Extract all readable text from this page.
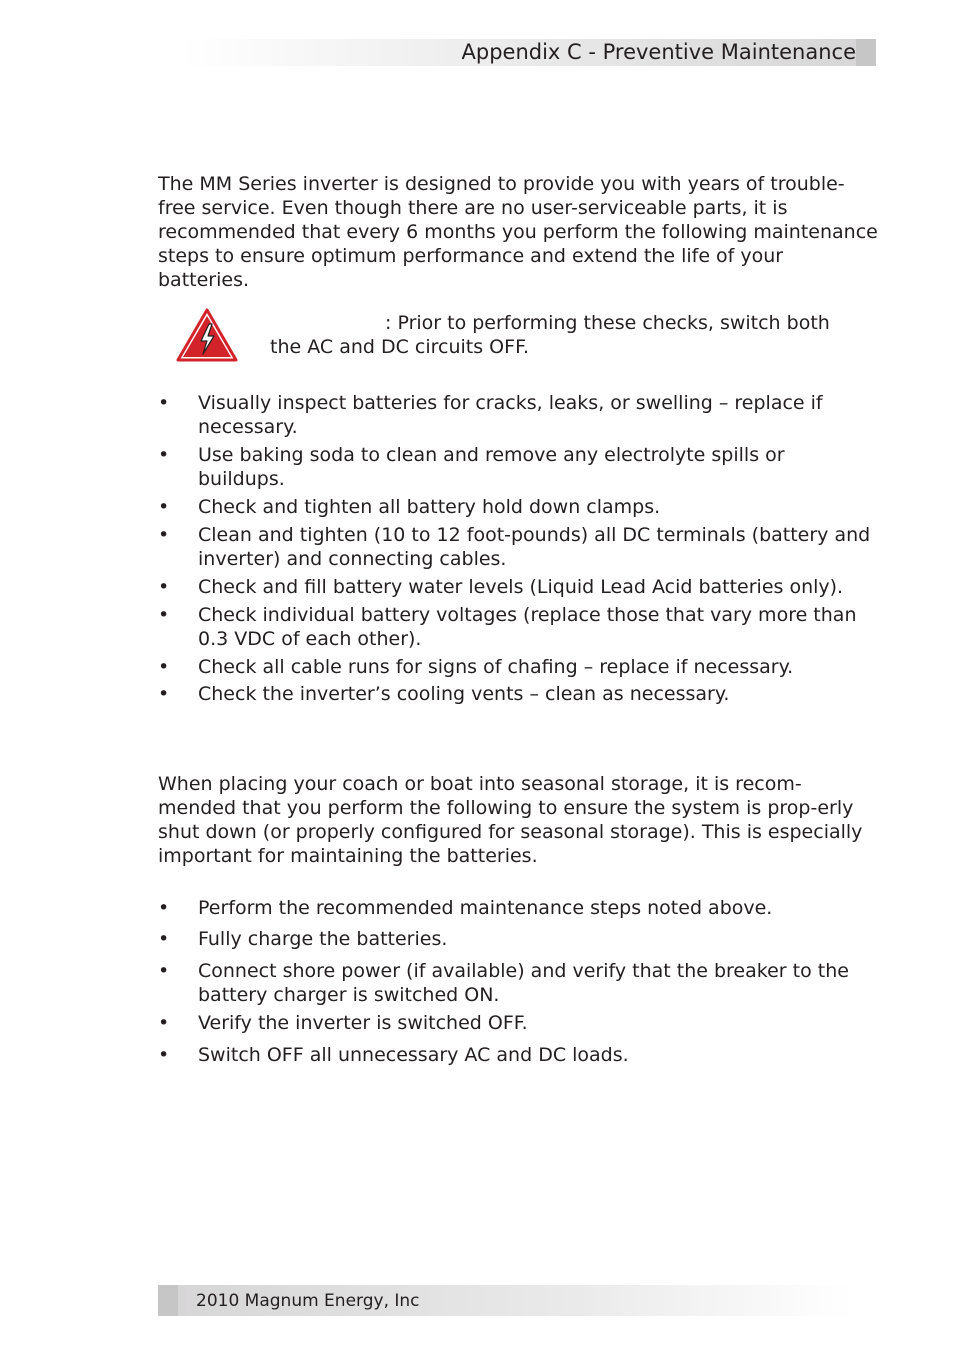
Appendix C - Preventive Maintenance

The MM Series inverter is designed to provide you with years of trouble-free service. Even though there are no user-serviceable parts, it is recommended that every 6 months you perform the following maintenance steps to ensure optimum performance and extend the life of your batteries.

: Prior to performing these checks, switch both
the AC and DC circuits OFF.
• Visually inspect batteries for cracks, leaks, or swelling – replace if necessary.
• Use baking soda to clean and remove any electrolyte spills or buildups.
• Check and tighten all battery hold down clamps.
• Clean and tighten (10 to 12 foot-pounds) all DC terminals (battery and inverter) and connecting cables.
• Check and fill battery water levels (Liquid Lead Acid batteries only).
• Check individual battery voltages (replace those that vary more than 0.3 VDC of each other).
• Check all cable runs for signs of chafing – replace if necessary.
• Check the inverter’s cooling vents – clean as necessary.

When placing your coach or boat into seasonal storage, it is recom-mended that you perform the following to ensure the system is prop-erly shut down (or properly configured for seasonal storage). This is especially important for maintaining the batteries.

• Perform the recommended maintenance steps noted above.
• Fully charge the batteries.
• Connect shore power (if available) and verify that the breaker to the battery charger is switched ON.
• Verify the inverter is switched OFF.
• Switch OFF all unnecessary AC and DC loads.
2010 Magnum Energy, Inc
